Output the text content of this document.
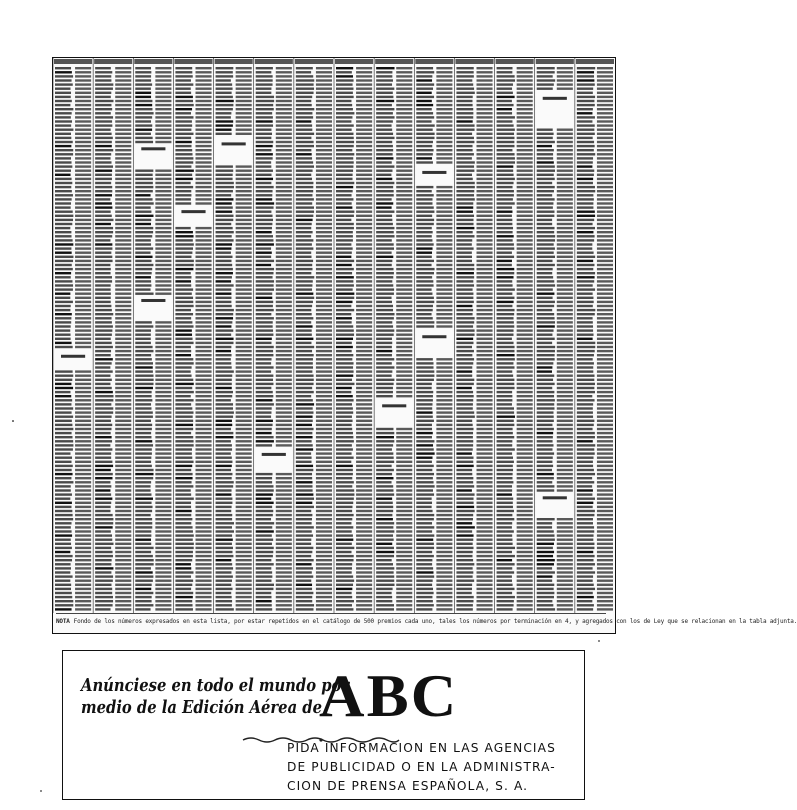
NOTA Fondo de los números expresados en esta lista, por estar repetidos en el catálogo de 500 premios cada uno, tales los números por terminación en 4, y agregados con los de Ley que se relacionan en la tabla adjunta.
Anúnciese en todo el mundo por
medio de la Edición Aérea de
ABC
PIDA INFORMACION EN LAS AGENCIAS
DE PUBLICIDAD O EN LA ADMINISTRA-
CION DE PRENSA ESPAÑOLA, S. A.
